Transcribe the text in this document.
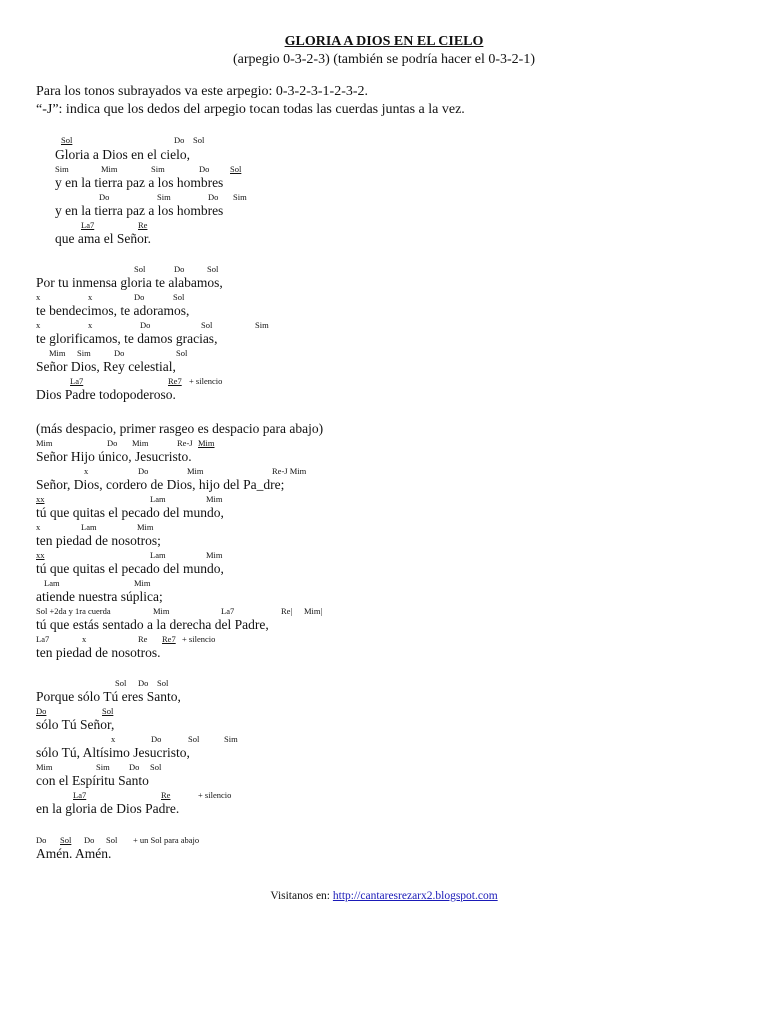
GLORIA A DIOS EN EL CIELO
(arpegio 0-3-2-3) (también se podría hacer el 0-3-2-1)
Para los tonos subrayados va este arpegio: 0-3-2-3-1-2-3-2.
“-J”: indica que los dedos del arpegio tocan todas las cuerdas juntas a la vez.
Sol	Do Sol
Gloria a Dios en el cielo,
Sim	Mim	Sim	Do Sol
y en la tierra paz a los hombres
Do	Sim	Do Sim
y en la tierra paz a los hombres
La7	Re
que ama el Señor.
Sol	Do	Sol
Por tu inmensa gloria te alabamos,
x	x	Do	Sol
te bendecimos, te adoramos,
x	x	Do	Sol	Sim
te glorificamos, te damos gracias,
Mim Sim	Do	Sol
Señor Dios, Rey celestial,
La7	Re7 + silencio
Dios Padre todopoderoso.
(más despacio, primer rasgeo es despacio para abajo)
Mim	Do Mim	Re-J Mim
Señor Hijo único, Jesucristo.
x	Do	Mim	Re-J Mim
Señor, Dios, cordero de Dios, hijo del Pa_dre;
xx	Lam	Mim
tú que quitas el pecado del mundo,
x	Lam	Mim
ten piedad de nosotros;
xx	Lam	Mim
tú que quitas el pecado del mundo,
Lam	Mim
atiende nuestra súplica;
Sol +2da y 1ra cuerda	Mim	La7	Re| Mim|
tú que estás sentado a la derecha del Padre,
La7	x	Re Re7 + silencio
ten piedad de nosotros.
Sol Do Sol
Porque sólo Tú eres Santo,
Do	Sol
sólo Tú Señor,
x	Do	Sol	Sim
sólo Tú, Altísimo Jesucristo,
Mim	Sim Do Sol
con el Espíritu Santo
La7	Re	+ silencio
en la gloria de Dios Padre.
Do Sol Do Sol + un Sol para abajo
Amén. Amén.
Visitanos en: http://cantaresrezarx2.blogspot.com
